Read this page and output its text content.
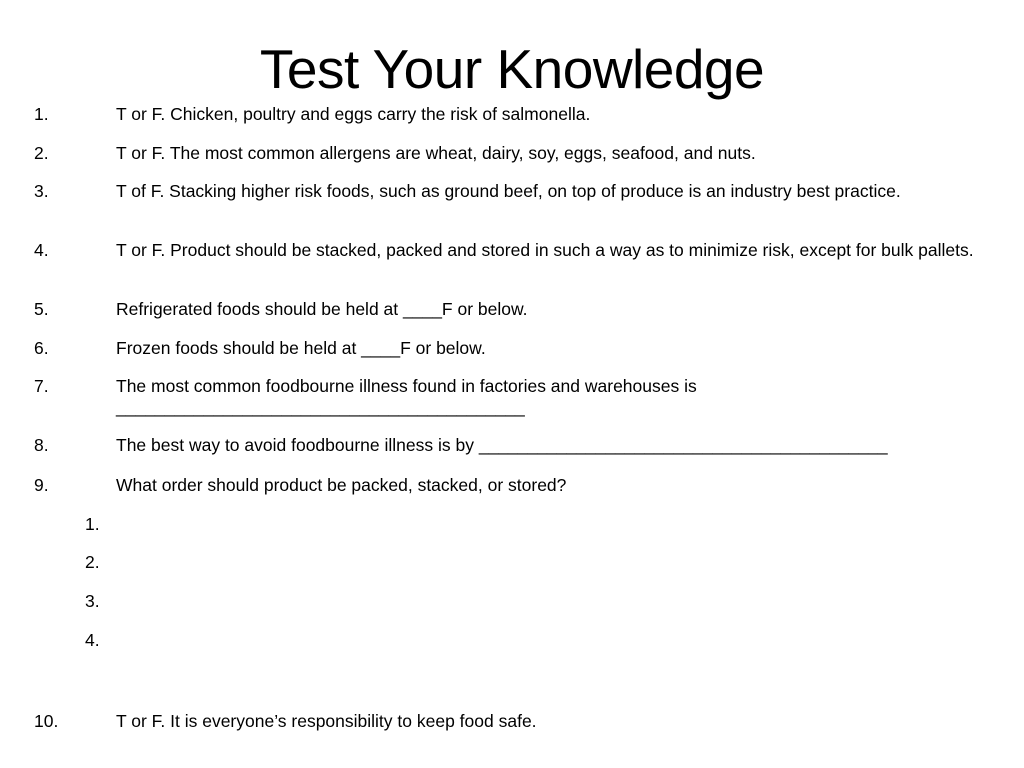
Test Your Knowledge
1.	T or F. Chicken, poultry and eggs carry the risk of salmonella.
2.	T or F. The most common allergens are wheat, dairy, soy, eggs, seafood, and nuts.
3.	T of F. Stacking higher risk foods, such as ground beef, on top of produce is an industry best practice.
4.	T or F. Product should be stacked, packed and stored in such a way as to minimize risk, except for bulk pallets.
5.	Refrigerated foods should be held at ____F or below.
6.	Frozen foods should be held at ____F or below.
7.	The most common foodbourne illness found in factories and warehouses is __________________________________________
8.	The best way to avoid foodbourne illness is by __________________________________________
9.	What order should product be packed, stacked, or stored?
1.
2.
3.
4.
10.	T or F. It is everyone’s responsibility to keep food safe.
